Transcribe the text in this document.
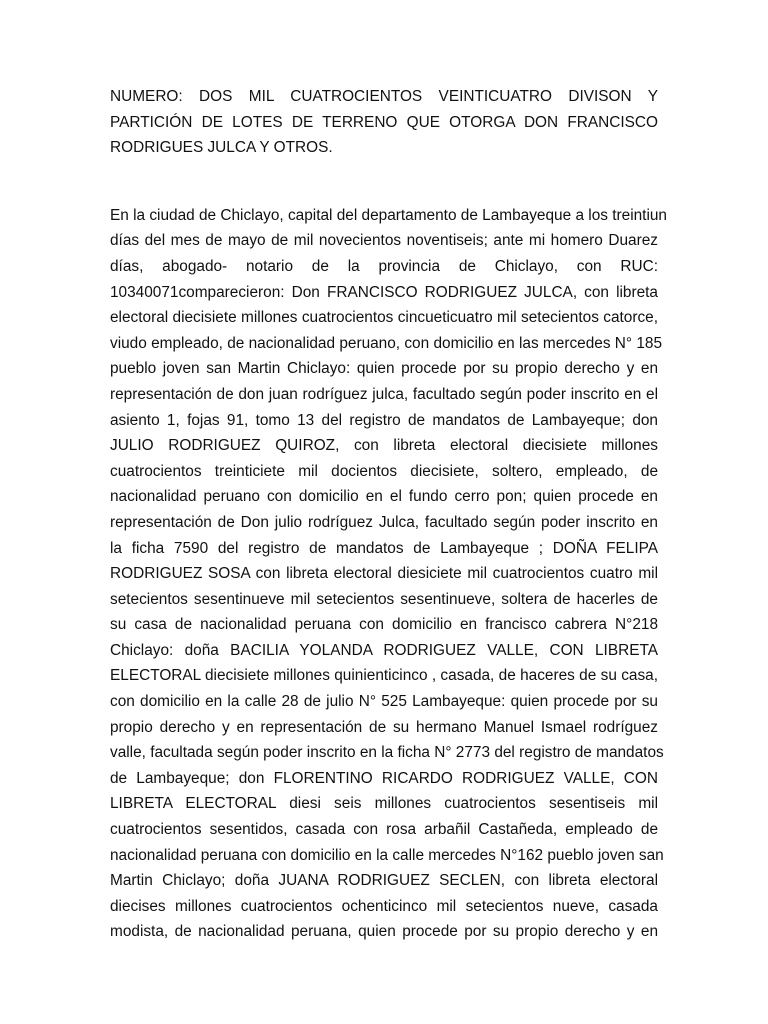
NUMERO: DOS MIL CUATROCIENTOS VEINTICUATRO DIVISON Y
PARTICIÓN DE LOTES DE TERRENO QUE OTORGA DON FRANCISCO
RODRIGUES JULCA Y OTROS.
En la ciudad de Chiclayo, capital del departamento de Lambayeque a los treintiun
días del mes de mayo de mil novecientos noventiseis; ante mi homero Duarez
días, abogado- notario de la provincia de Chiclayo, con RUC:
10340071comparecieron: Don FRANCISCO RODRIGUEZ JULCA, con libreta
electoral diecisiete millones cuatrocientos cincueticuatro mil setecientos catorce,
viudo empleado, de nacionalidad peruano, con domicilio en las mercedes N° 185
pueblo joven san Martin Chiclayo: quien procede por su propio derecho y en
representación de don juan rodríguez julca, facultado según poder inscrito en el
asiento 1, fojas 91, tomo 13 del registro de mandatos de Lambayeque; don
JULIO RODRIGUEZ QUIROZ, con libreta electoral diecisiete millones
cuatrocientos treinticiete mil docientos diecisiete, soltero, empleado, de
nacionalidad peruano con domicilio en el fundo cerro pon; quien procede en
representación de Don julio rodríguez Julca, facultado según poder inscrito en
la ficha 7590 del registro de mandatos de Lambayeque ; DOÑA FELIPA
RODRIGUEZ SOSA con libreta electoral diesiciete mil cuatrocientos cuatro mil
setecientos sesentinueve mil setecientos sesentinueve, soltera de hacerles de
su casa de nacionalidad peruana con domicilio en francisco cabrera N°218
Chiclayo: doña BACILIA YOLANDA RODRIGUEZ VALLE, CON LIBRETA
ELECTORAL diecisiete millones quinienticinco , casada, de haceres de su casa,
con domicilio en la calle 28 de julio N° 525 Lambayeque: quien procede por su
propio derecho y en representación de su hermano Manuel Ismael rodríguez
valle, facultada según poder inscrito en la ficha N° 2773 del registro de mandatos
de Lambayeque; don FLORENTINO RICARDO RODRIGUEZ VALLE, CON
LIBRETA ELECTORAL diesi seis millones cuatrocientos sesentiseis mil
cuatrocientos sesentidos, casada con rosa arbañil Castañeda, empleado de
nacionalidad peruana con domicilio en la calle mercedes N°162 pueblo joven san
Martin Chiclayo; doña JUANA RODRIGUEZ SECLEN, con libreta electoral
diecises millones cuatrocientos ochenticinco mil setecientos nueve, casada
modista, de nacionalidad peruana, quien procede por su propio derecho y en
